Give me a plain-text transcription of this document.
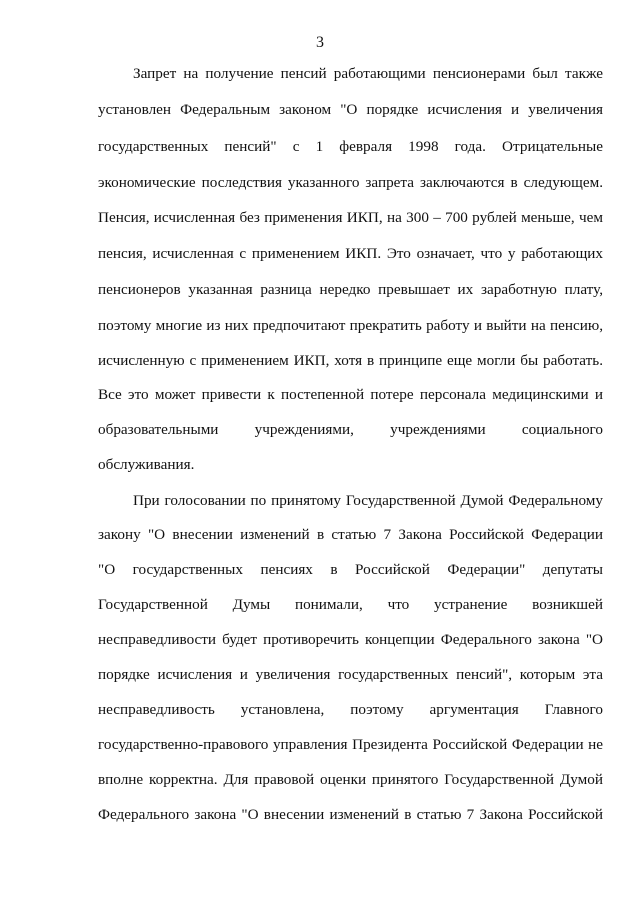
3
Запрет на получение пенсий работающими пенсионерами был также
установлен Федеральным законом "О порядке исчисления и увеличения
государственных пенсий" с 1 февраля 1998 года. Отрицательные
экономические последствия указанного запрета заключаются в следующем.
Пенсия, исчисленная без применения ИКП, на 300 – 700 рублей меньше, чем
пенсия, исчисленная с применением ИКП. Это означает, что у работающих
пенсионеров указанная разница нередко превышает их заработную плату,
поэтому многие из них предпочитают прекратить работу и выйти на пенсию,
исчисленную с применением ИКП, хотя в принципе еще могли бы работать.
Все это может привести к постепенной потере персонала медицинскими и
образовательными учреждениями, учреждениями социального
обслуживания.
При голосовании по принятому Государственной Думой Федеральному
закону "О внесении изменений в статью 7 Закона Российской Федерации
"О государственных пенсиях в Российской Федерации" депутаты
Государственной Думы понимали, что устранение возникшей
несправедливости будет противоречить концепции Федерального закона "О
порядке исчисления и увеличения государственных пенсий", которым эта
несправедливость установлена, поэтому аргументация Главного
государственно-правового управления Президента Российской Федерации не
вполне корректна. Для правовой оценки принятого Государственной Думой
Федерального закона "О внесении изменений в статью 7 Закона Российской
